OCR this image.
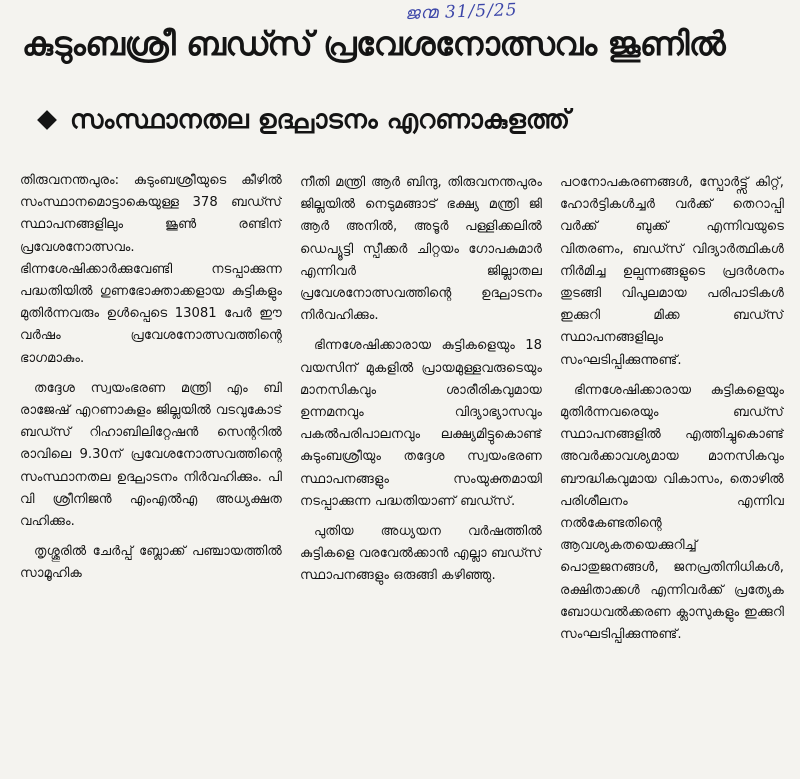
ജന്മ 31/5/25
കുടുംബശ്രീ ബഡ്സ് പ്രവേശനോത്സവം ജൂണിൽ
സംസ്ഥാനതല ഉദ്ഘാടനം എറണാകുളത്ത്

തിരുവനന്തപുരം: കുടുംബശ്രീയുടെ കീഴിൽ സംസ്ഥാനമൊട്ടാകെയുള്ള 378 ബഡ്സ് സ്ഥാപനങ്ങളിലും ജൂൺ രണ്ടിന് പ്രവേശനോത്സവം. ഭിന്നശേഷിക്കാർക്കുവേണ്ടി നടപ്പാക്കുന്ന പദ്ധതിയിൽ ഗുണഭോക്താക്കളായ കുട്ടികളും മുതിർന്നവരും ഉൾപ്പെടെ 13081 പേർ ഈ വർഷം പ്രവേശനോത്സവത്തിന്റെ ഭാഗമാകും.

തദ്ദേശ സ്വയംഭരണ മന്ത്രി എം ബി രാജേഷ് എറണാകുളം ജില്ലയിൽ വടവുകോട് ബഡ്സ് റിഹാബിലിറ്റേഷൻ സെന്ററിൽ രാവിലെ 9.30ന് പ്രവേശനോത്സവത്തിന്റെ സംസ്ഥാനതല ഉദ്ഘാടനം നിർവഹിക്കും. പി വി ശ്രീനിജൻ എംഎൽഎ അധ്യക്ഷത വഹിക്കും.

തൃശ്ശൂരിൽ ചേർപ്പ് ബ്ലോക്ക് പഞ്ചായത്തിൽ സാമൂഹിക

നീതി മന്ത്രി ആർ ബിന്ദു, തിരുവനന്തപുരം ജില്ലയിൽ നെടുമങ്ങാട് ഭക്ഷ്യ മന്ത്രി ജി ആർ അനിൽ, അടൂർ പള്ളിക്കലിൽ ഡെപ്യൂട്ടി സ്പീക്കർ ചിറ്റയം ഗോപകുമാർ എന്നിവർ ജില്ലാതല പ്രവേശനോത്സവത്തിന്റെ ഉദ്ഘാടനം നിർവഹിക്കും.

ഭിന്നശേഷിക്കാരായ കുട്ടികളെയും 18 വയസിന് മുകളിൽ പ്രായമുള്ളവരുടെയും മാനസികവും ശാരീരികവുമായ ഉന്നമനവും വിദ്യാഭ്യാസവും പകൽപരിപാലനവും ലക്ഷ്യമിട്ടുകൊണ്ട് കുടുംബശ്രീയും തദ്ദേശ സ്വയംഭരണ സ്ഥാപനങ്ങളും സംയുക്തമായി നടപ്പാക്കുന്ന പദ്ധതിയാണ് ബഡ്സ്.

പുതിയ അധ്യയന വർഷത്തിൽ കുട്ടികളെ വരവേൽക്കാൻ എല്ലാ ബഡ്സ് സ്ഥാപനങ്ങളും ഒരുങ്ങി കഴിഞ്ഞു.

പഠനോപകരണങ്ങൾ, സ്പോർട്ട്സ് കിറ്റ്, ഹോർട്ടികൾച്ചർ വർക്ക് തെറാപ്പി വർക്ക് ബുക്ക് എന്നിവയുടെ വിതരണം, ബഡ്സ് വിദ്യാർത്ഥികൾ നിർമിച്ച ഉല്പന്നങ്ങളുടെ പ്രദർശനം തുടങ്ങി വിപുലമായ പരിപാടികൾ ഇക്കുറി മിക്ക ബഡ്സ് സ്ഥാപനങ്ങളിലും സംഘടിപ്പിക്കുന്നുണ്ട്.

ഭിന്നശേഷിക്കാരായ കുട്ടികളെയും മുതിർന്നവരെയും ബഡ്സ് സ്ഥാപനങ്ങളിൽ എത്തിച്ചുകൊണ്ട് അവർക്കാവശ്യമായ മാനസികവും ബൗദ്ധികവുമായ വികാസം, തൊഴിൽ പരിശീലനം എന്നിവ നൽകേണ്ടതിന്റെ ആവശ്യകതയെക്കുറിച്ച് പൊതുജനങ്ങൾ, ജനപ്രതിനിധികൾ, രക്ഷിതാക്കൾ എന്നിവർക്ക് പ്രത്യേക ബോധവൽക്കരണ ക്ലാസുകളും ഇക്കുറി സംഘടിപ്പിക്കുന്നുണ്ട്.
